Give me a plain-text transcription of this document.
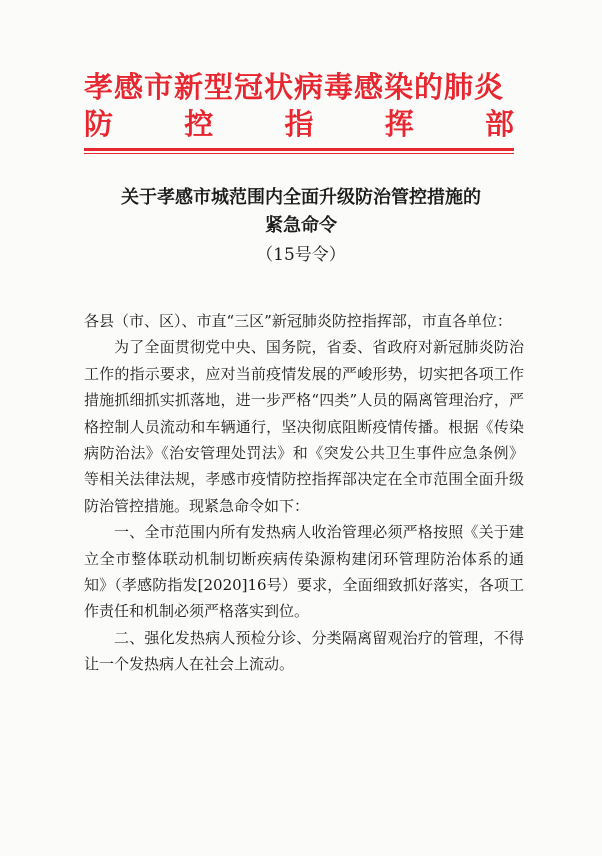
孝感市新型冠状病毒感染的肺炎
防 控 指 挥 部
关于孝感市城范围内全面升级防治管控措施的
紧急命令
（15号令）

各县（市、区）、市直“三区”新冠肺炎防控指挥部，市直各单位：

为了全面贯彻党中央、国务院，省委、省政府对新冠肺炎防治工作的指示要求，应对当前疫情发展的严峻形势，切实把各项工作措施抓细抓实抓落地，进一步严格“四类”人员的隔离管理治疗，严格控制人员流动和车辆通行，坚决彻底阻断疫情传播。根据《传染病防治法》《治安管理处罚法》和《突发公共卫生事件应急条例》等相关法律法规，孝感市疫情防控指挥部决定在全市范围全面升级防治管控措施。现紧急命令如下：

一、全市范围内所有发热病人收治管理必须严格按照《关于建立全市整体联动机制切断疾病传染源构建闭环管理防治体系的通知》（孝感防指发[2020]16号）要求，全面细致抓好落实，各项工作责任和机制必须严格落实到位。

二、强化发热病人预检分诊、分类隔离留观治疗的管理，不得让一个发热病人在社会上流动。
